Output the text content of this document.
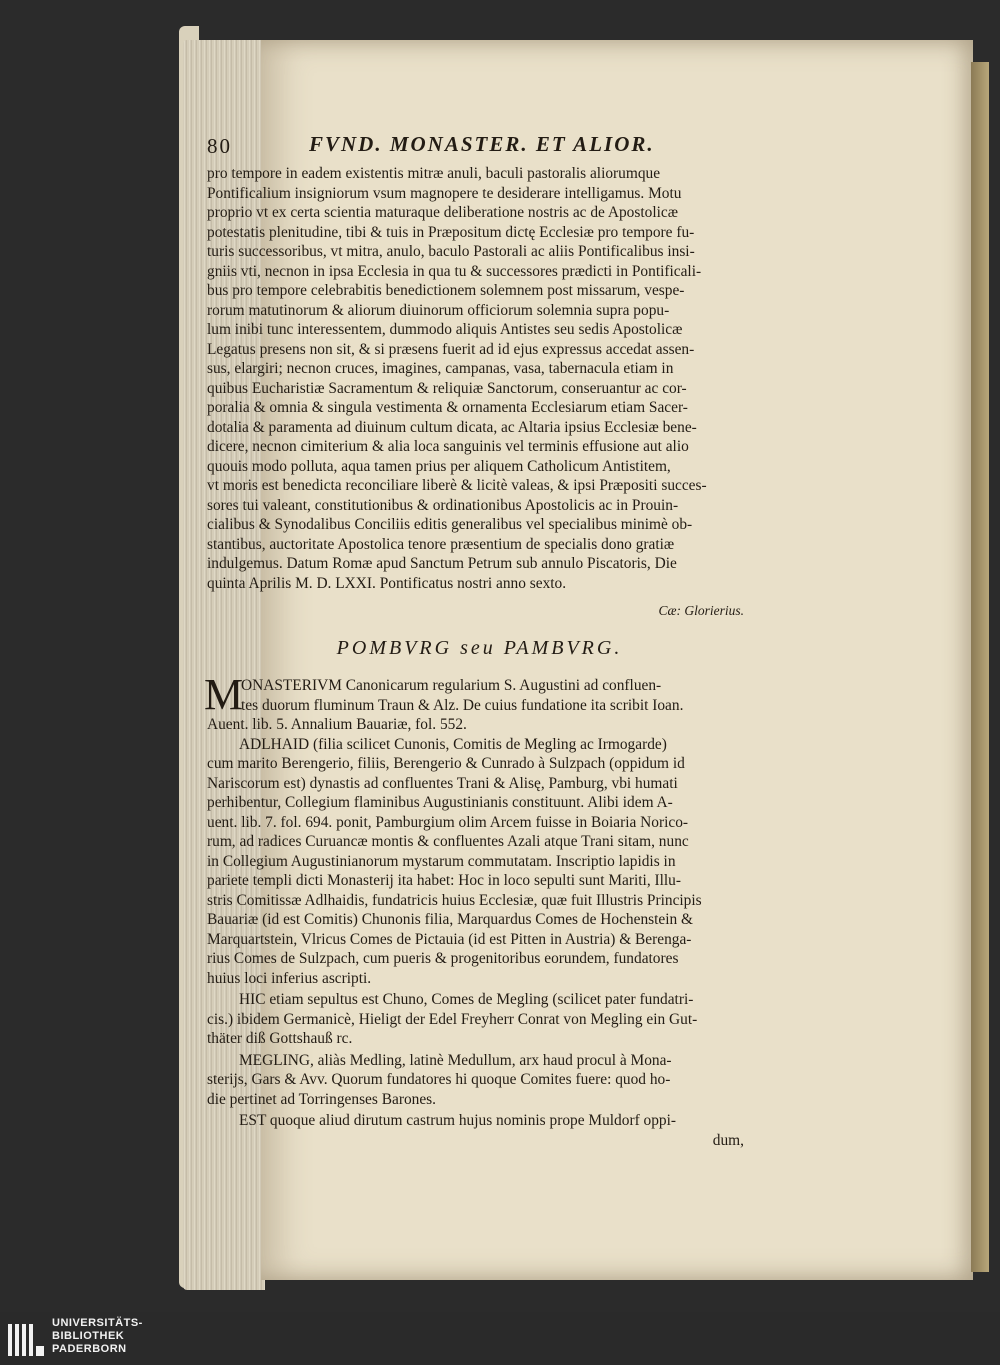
80	FVND. MONASTER. ET ALIOR.
pro tempore in eadem existentis mitræ anuli, baculi pastoralis aliorumque
Pontificalium insigniorum vsum magnopere te desiderare intelligamus. Motu
proprio vt ex certa scientia maturaque deliberatione nostris ac de Apostolicæ
potestatis plenitudine, tibi & tuis in Præpositum dictę Ecclesiæ pro tempore fu-
turis successoribus, vt mitra, anulo, baculo Pastorali ac aliis Pontificalibus insi-
gniis vti, necnon in ipsa Ecclesia in qua tu & successores prædicti in Pontificali-
bus pro tempore celebrabitis benedictionem solemnem post missarum, vespe-
rorum matutinorum & aliorum diuinorum officiorum solemnia supra popu-
lum inibi tunc interessentem, dummodo aliquis Antistes seu sedis Apostolicæ
Legatus presens non sit, & si præsens fuerit ad id ejus expressus accedat assen-
sus, elargiri; necnon cruces, imagines, campanas, vasa, tabernacula etiam in
quibus Eucharistiæ Sacramentum & reliquiæ Sanctorum, conseruantur ac cor-
poralia & omnia & singula vestimenta & ornamenta Ecclesiarum etiam Sacer-
dotalia & paramenta ad diuinum cultum dicata, ac Altaria ipsius Ecclesiæ bene-
dicere, necnon cimiterium & alia loca sanguinis vel terminis effusione aut alio
quouis modo polluta, aqua tamen prius per aliquem Catholicum Antistitem,
vt moris est benedicta reconciliare liberè & licitè valeas, & ipsi Præpositi succes-
sores tui valeant, constitutionibus & ordinationibus Apostolicis ac in Prouin-
cialibus & Synodalibus Conciliis editis generalibus vel specialibus minimè ob-
stantibus, auctoritate Apostolica tenore præsentium de specialis dono gratiæ
indulgemus. Datum Romæ apud Sanctum Petrum sub annulo Piscatoris, Die
quinta Aprilis M. D. LXXI. Pontificatus nostri anno sexto.
Cæ: Glorierius.
POMBVRG seu PAMBVRG.
M
ONASTERIVM Canonicarum regularium S. Augustini ad confluen-
tes duorum fluminum Traun & Alz. De cuius fundatione ita scribit Ioan.
Auent. lib. 5. Annalium Bauariæ, fol. 552.
ADLHAID (filia scilicet Cunonis, Comitis de Megling ac Irmogarde)
cum marito Berengerio, filiis, Berengerio & Cunrado à Sulzpach (oppidum id
Nariscorum est) dynastis ad confluentes Trani & Alisę, Pamburg, vbi humati
perhibentur, Collegium flaminibus Augustinianis constituunt. Alibi idem A-
uent. lib. 7. fol. 694. ponit, Pamburgium olim Arcem fuisse in Boiaria Norico-
rum, ad radices Curuancæ montis & confluentes Azali atque Trani sitam, nunc
in Collegium Augustinianorum mystarum commutatam. Inscriptio lapidis in
pariete templi dicti Monasterij ita habet: Hoc in loco sepulti sunt Mariti, Illu-
stris Comitissæ Adlhaidis, fundatricis huius Ecclesiæ, quæ fuit Illustris Principis
Bauariæ (id est Comitis) Chunonis filia, Marquardus Comes de Hochenstein &
Marquartstein, Vlricus Comes de Pictauia (id est Pitten in Austria) & Berenga-
rius Comes de Sulzpach, cum pueris & progenitoribus eorundem, fundatores
huius loci inferius ascripti.
HIC etiam sepultus est Chuno, Comes de Megling (scilicet pater fundatri-
cis.) ibidem Germanicè, Hieligt der Edel Freyherr Conrat von Megling ein Gut-
thäter diß Gottshauß rc.
MEGLING, aliàs Medling, latinè Medullum, arx haud procul à Mona-
sterijs, Gars & Avv. Quorum fundatores hi quoque Comites fuere: quod ho-
die pertinet ad Torringenses Barones.
EST quoque aliud dirutum castrum hujus nominis prope Muldorf oppi-
dum,
UNIVERSITÄTS-
BIBLIOTHEK
PADERBORN
